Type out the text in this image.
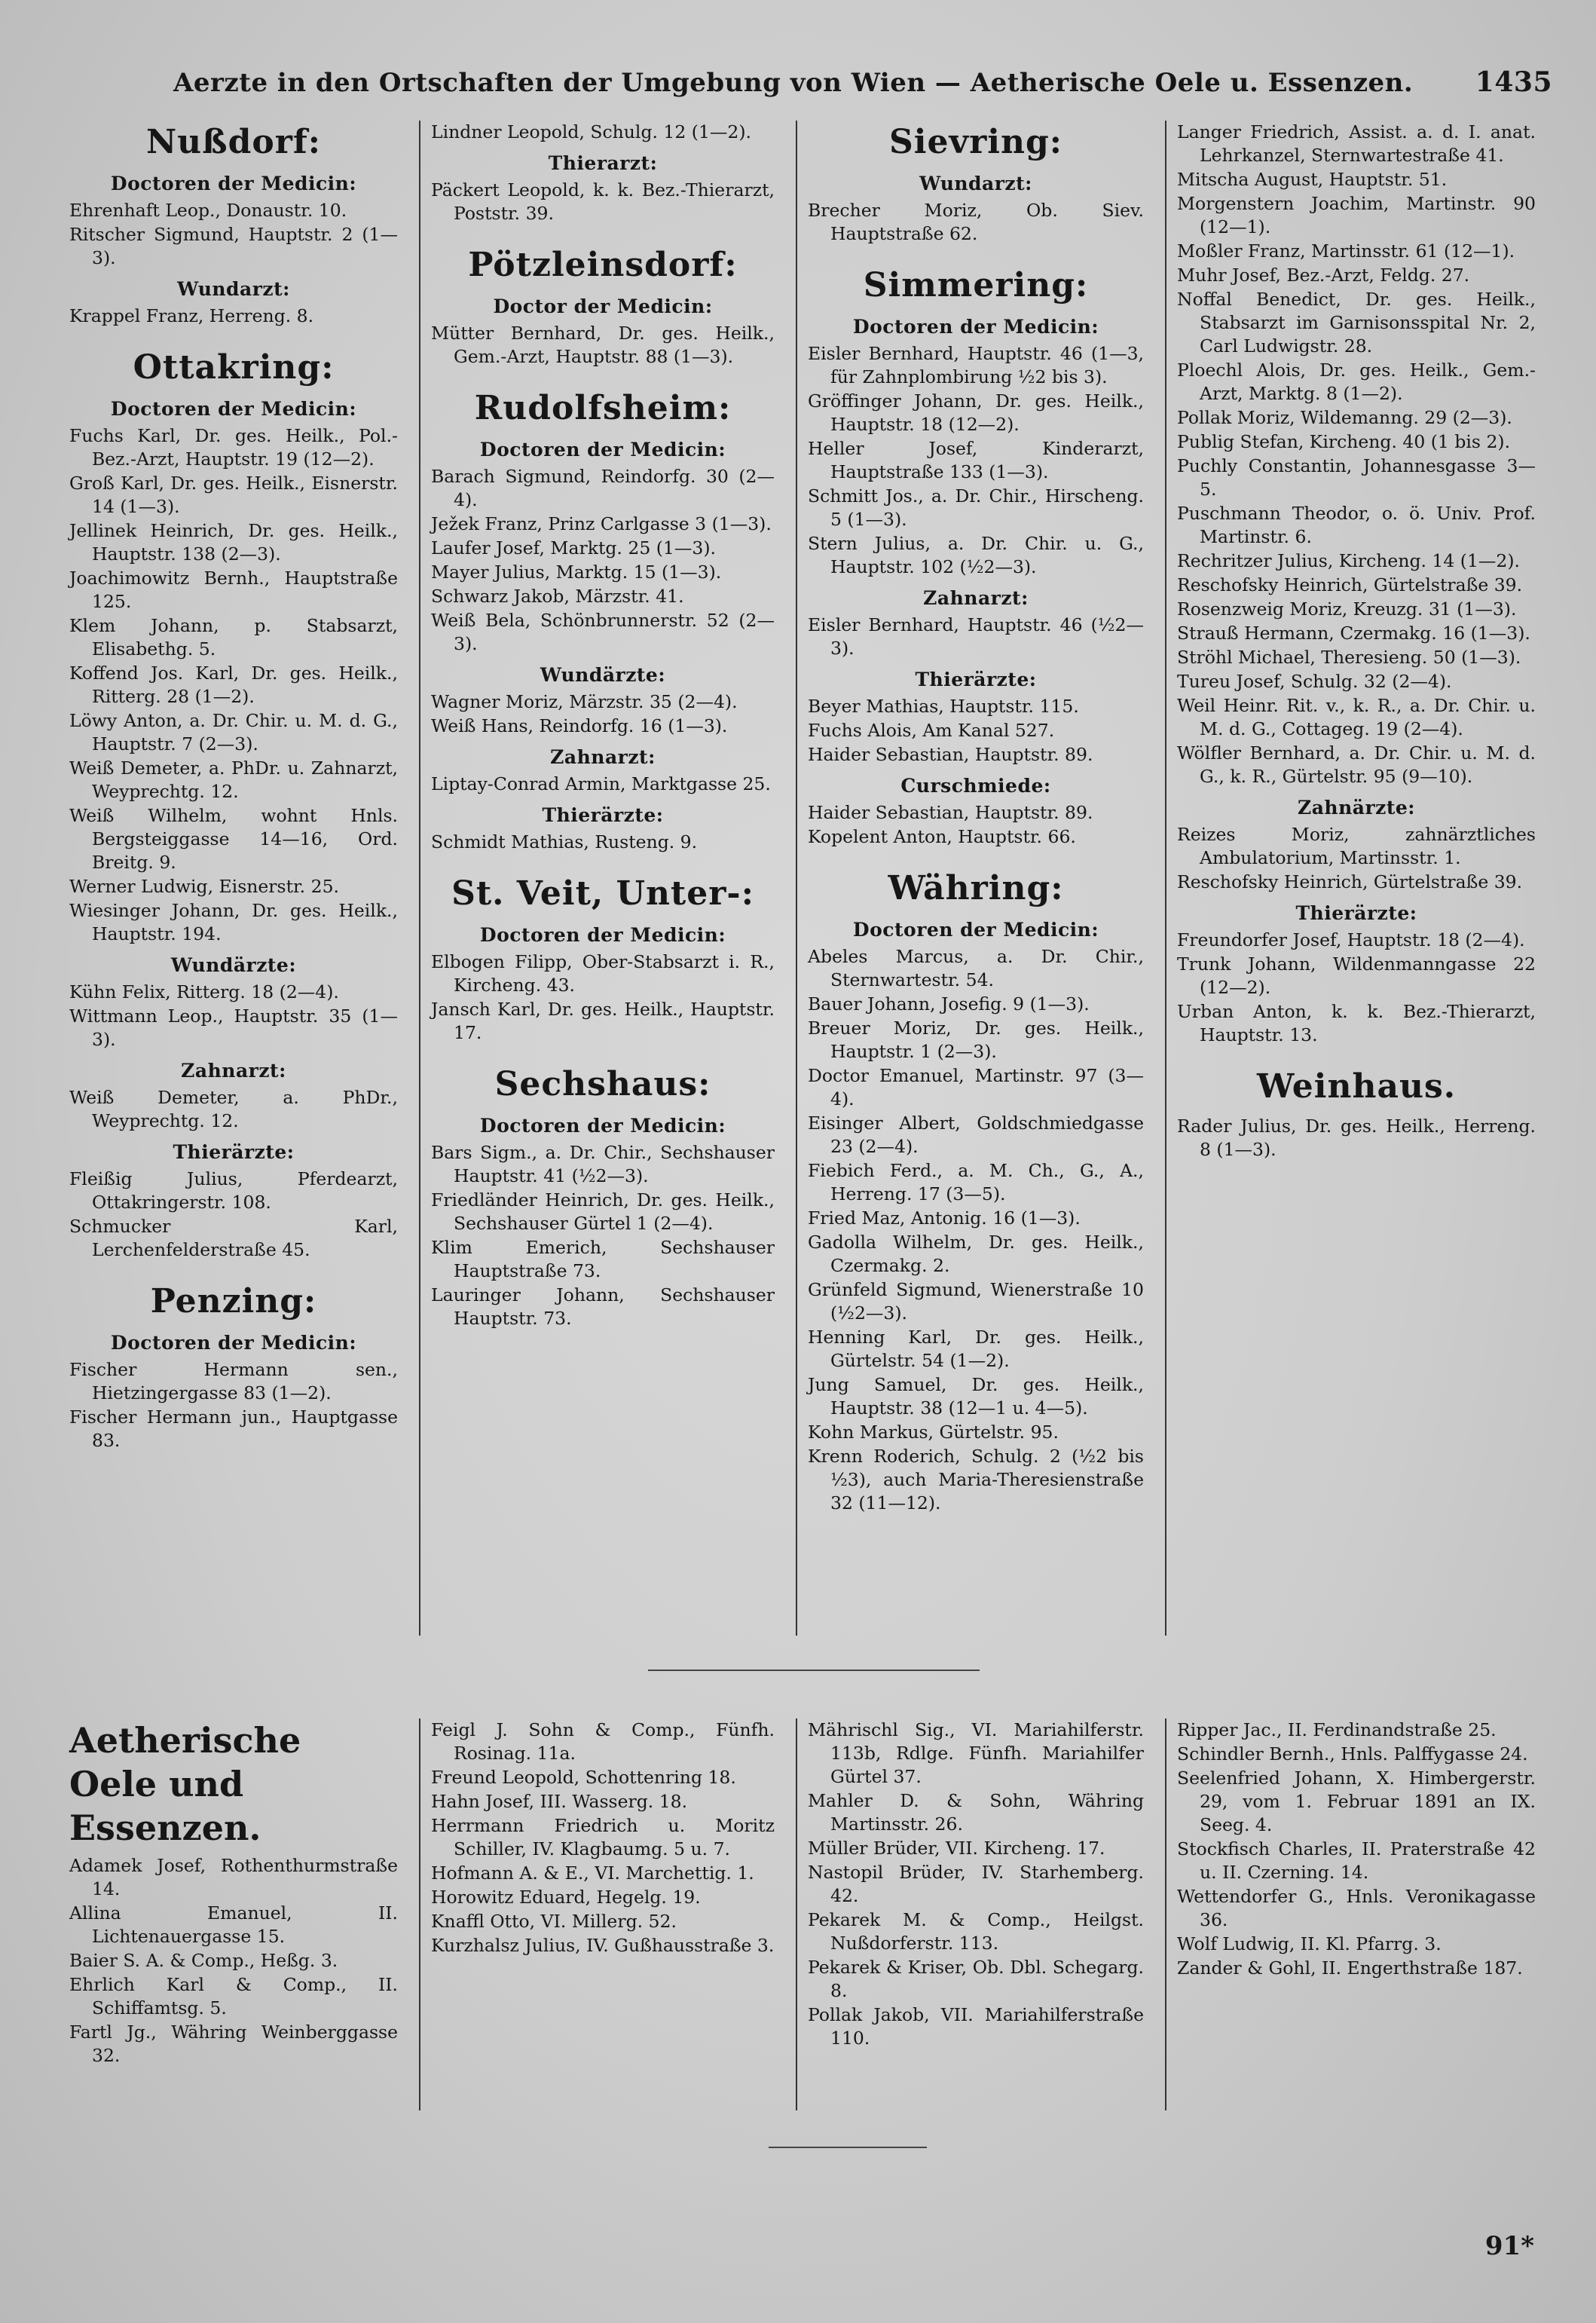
Aerzte in den Ortschaften der Umgebung von Wien — Aetherische Oele u. Essenzen. 1435
Nußdorf:
Doctoren der Medicin:
Ehrenhaft Leop., Donaustr. 10.
Ritscher Sigmund, Hauptstr. 2 (1—3).
Wundarzt:
Krappel Franz, Herreng. 8.
Ottakring:
Doctoren der Medicin:
Fuchs Karl, Dr. ges. Heilk., Pol.-Bez.-Arzt, Hauptstr. 19 (12—2).
Groß Karl, Dr. ges. Heilk., Eisnerstr. 14 (1—3).
Jellinek Heinrich, Dr. ges. Heilk., Hauptstr. 138 (2—3).
Joachimowitz Bernh., Hauptstraße 125.
Klem Johann, p. Stabsarzt, Elisabethg. 5.
Koffend Jos. Karl, Dr. ges. Heilk., Ritterg. 28 (1—2).
Löwy Anton, a. Dr. Chir. u. M. d. G., Hauptstr. 7 (2—3).
Weiß Demeter, a. PhDr. u. Zahnarzt, Weyprechtg. 12.
Weiß Wilhelm, wohnt Hnls. Bergsteiggasse 14—16, Ord. Breitg. 9.
Werner Ludwig, Eisnerstr. 25.
Wiesinger Johann, Dr. ges. Heilk., Hauptstr. 194.
Wundärzte:
Kühn Felix, Ritterg. 18 (2—4).
Wittmann Leop., Hauptstr. 35 (1—3).
Zahnarzt:
Weiß Demeter, a. PhDr., Weyprechtg. 12.
Thierärzte:
Fleißig Julius, Pferdearzt, Ottakringerstr. 108.
Schmucker Karl, Lerchenfelderstraße 45.
Penzing:
Doctoren der Medicin:
Fischer Hermann sen., Hietzingergasse 83 (1—2).
Fischer Hermann jun., Hauptgasse 83.
Lindner Leopold, Schulg. 12 (1—2).
Thierarzt:
Päckert Leopold, k. k. Bez.-Thierarzt, Poststr. 39.
Pötzleinsdorf:
Doctor der Medicin:
Mütter Bernhard, Dr. ges. Heilk., Gem.-Arzt, Hauptstr. 88 (1—3).
Rudolfsheim:
Doctoren der Medicin:
Barach Sigmund, Reindorfg. 30 (2—4).
Ježek Franz, Prinz Carlgasse 3 (1—3).
Laufer Josef, Marktg. 25 (1—3).
Mayer Julius, Marktg. 15 (1—3).
Schwarz Jakob, Märzstr. 41.
Weiß Bela, Schönbrunnerstr. 52 (2—3).
Wundärzte:
Wagner Moriz, Märzstr. 35 (2—4).
Weiß Hans, Reindorfg. 16 (1—3).
Zahnarzt:
Liptay-Conrad Armin, Marktgasse 25.
Thierärzte:
Schmidt Mathias, Rusteng. 9.
St. Veit, Unter-:
Doctoren der Medicin:
Elbogen Filipp, Ober-Stabsarzt i. R., Kircheng. 43.
Jansch Karl, Dr. ges. Heilk., Hauptstr. 17.
Sechshaus:
Doctoren der Medicin:
Bars Sigm., a. Dr. Chir., Sechshauser Hauptstr. 41 (½2—3).
Friedländer Heinrich, Dr. ges. Heilk., Sechshauser Gürtel 1 (2—4).
Klim Emerich, Sechshauser Hauptstraße 73.
Lauringer Johann, Sechshauser Hauptstr. 73.
Sievring:
Wundarzt:
Brecher Moriz, Ob. Siev. Hauptstraße 62.
Simmering:
Doctoren der Medicin:
Eisler Bernhard, Hauptstr. 46 (1—3, für Zahnplombirung ½2 bis 3).
Gröffinger Johann, Dr. ges. Heilk., Hauptstr. 18 (12—2).
Heller Josef, Kinderarzt, Hauptstraße 133 (1—3).
Schmitt Jos., a. Dr. Chir., Hirscheng. 5 (1—3).
Stern Julius, a. Dr. Chir. u. G., Hauptstr. 102 (½2—3).
Zahnarzt:
Eisler Bernhard, Hauptstr. 46 (½2—3).
Thierärzte:
Beyer Mathias, Hauptstr. 115.
Fuchs Alois, Am Kanal 527.
Haider Sebastian, Hauptstr. 89.
Curschmiede:
Haider Sebastian, Hauptstr. 89.
Kopelent Anton, Hauptstr. 66.
Währing:
Doctoren der Medicin:
Abeles Marcus, a. Dr. Chir., Sternwartestr. 54.
Bauer Johann, Josefig. 9 (1—3).
Breuer Moriz, Dr. ges. Heilk., Hauptstr. 1 (2—3).
Doctor Emanuel, Martinstr. 97 (3—4).
Eisinger Albert, Goldschmiedgasse 23 (2—4).
Fiebich Ferd., a. M. Ch., G., A., Herreng. 17 (3—5).
Fried Maz, Antonig. 16 (1—3).
Gadolla Wilhelm, Dr. ges. Heilk., Czermakg. 2.
Grünfeld Sigmund, Wienerstraße 10 (½2—3).
Henning Karl, Dr. ges. Heilk., Gürtelstr. 54 (1—2).
Jung Samuel, Dr. ges. Heilk., Hauptstr. 38 (12—1 u. 4—5).
Kohn Markus, Gürtelstr. 95.
Krenn Roderich, Schulg. 2 (½2 bis ½3), auch Maria-Theresienstraße 32 (11—12).
Langer Friedrich, Assist. a. d. I. anat. Lehrkanzel, Sternwartestraße 41.
Mitscha August, Hauptstr. 51.
Morgenstern Joachim, Martinstr. 90 (12—1).
Moßler Franz, Martinsstr. 61 (12—1).
Muhr Josef, Bez.-Arzt, Feldg. 27.
Noffal Benedict, Dr. ges. Heilk., Stabsarzt im Garnisonsspital Nr. 2, Carl Ludwigstr. 28.
Ploechl Alois, Dr. ges. Heilk., Gem.-Arzt, Marktg. 8 (1—2).
Pollak Moriz, Wildemanng. 29 (2—3).
Publig Stefan, Kircheng. 40 (1 bis 2).
Puchly Constantin, Johannesgasse 3—5.
Puschmann Theodor, o. ö. Univ. Prof. Martinstr. 6.
Rechritzer Julius, Kircheng. 14 (1—2).
Reschofsky Heinrich, Gürtelstraße 39.
Rosenzweig Moriz, Kreuzg. 31 (1—3).
Strauß Hermann, Czermakg. 16 (1—3).
Ströhl Michael, Theresieng. 50 (1—3).
Tureu Josef, Schulg. 32 (2—4).
Weil Heinr. Rit. v., k. R., a. Dr. Chir. u. M. d. G., Cottageg. 19 (2—4).
Wölfler Bernhard, a. Dr. Chir. u. M. d. G., k. R., Gürtelstr. 95 (9—10).
Zahnärzte:
Reizes Moriz, zahnärztliches Ambulatorium, Martinsstr. 1.
Reschofsky Heinrich, Gürtelstraße 39.
Thierärzte:
Freundorfer Josef, Hauptstr. 18 (2—4).
Trunk Johann, Wildenmanngasse 22 (12—2).
Urban Anton, k. k. Bez.-Thierarzt, Hauptstr. 13.
Weinhaus.
Rader Julius, Dr. ges. Heilk., Herreng. 8 (1—3).
Aetherische Oele und Essenzen.
Adamek Josef, Rothenthurmstraße 14.
Allina Emanuel, II. Lichtenauergasse 15.
Baier S. A. & Comp., Heßg. 3.
Ehrlich Karl & Comp., II. Schiffamtsg. 5.
Fartl Jg., Währing Weinberggasse 32.
Feigl J. Sohn & Comp., Fünfh. Rosinag. 11a.
Freund Leopold, Schottenring 18.
Hahn Josef, III. Wasserg. 18.
Herrmann Friedrich u. Moritz Schiller, IV. Klagbaumg. 5 u. 7.
Hofmann A. & E., VI. Marchettig. 1.
Horowitz Eduard, Hegelg. 19.
Knaffl Otto, VI. Millerg. 52.
Kurzhalsz Julius, IV. Gußhausstraße 3.
Mährischl Sig., VI. Mariahilferstr. 113b, Rdlge. Fünfh. Mariahilfer Gürtel 37.
Mahler D. & Sohn, Währing Martinsstr. 26.
Müller Brüder, VII. Kircheng. 17.
Nastopil Brüder, IV. Starhemberg. 42.
Pekarek M. & Comp., Heilgst. Nußdorferstr. 113.
Pekarek & Kriser, Ob. Dbl. Schegarg. 8.
Pollak Jakob, VII. Mariahilferstraße 110.
Ripper Jac., II. Ferdinandstraße 25.
Schindler Bernh., Hnls. Palffygasse 24.
Seelenfried Johann, X. Himbergerstr. 29, vom 1. Februar 1891 an IX. Seeg. 4.
Stockfisch Charles, II. Praterstraße 42 u. II. Czerning. 14.
Wettendorfer G., Hnls. Veronikagasse 36.
Wolf Ludwig, II. Kl. Pfarrg. 3.
Zander & Gohl, II. Engerthstraße 187.
91*
